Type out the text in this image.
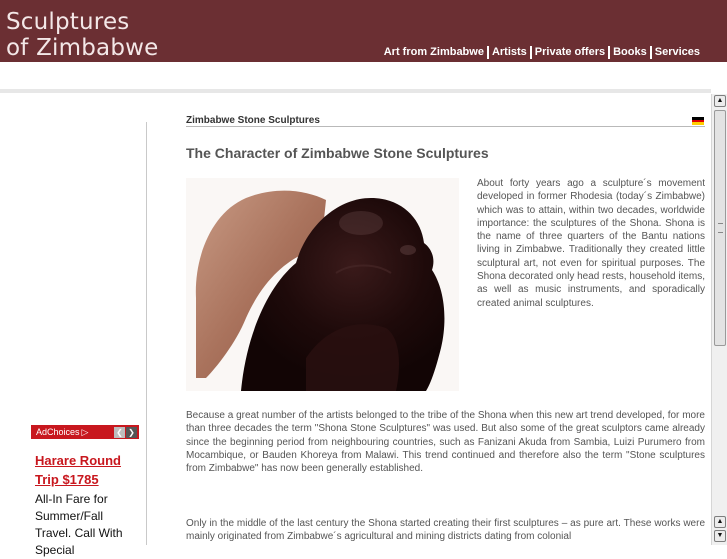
Sculptures
of Zimbabwe	Art from Zimbabwe Artists Private offers Books Services
Zimbabwe Stone Sculptures
The Character of Zimbabwe Stone Sculptures

About forty years ago a sculpture´s movement developed in former Rhodesia (today´s Zimbabwe) which was to attain, within two decades, worldwide importance: the sculptures of the Shona. Shona is the name of three quarters of the Bantu nations living in Zimbabwe. Traditionally they created little sculptural art, not even for spiritual purposes. The Shona decorated only head rests, household items, as well as music instruments, and sporadically created animal sculptures.

Because a great number of the artists belonged to the tribe of the Shona when this new art trend developed, for more than three decades the term "Shona Stone Sculptures" was used. But also some of the great sculptors came already since the beginning period from neighbouring countries, such as Fanizani Akuda from Sambia, Luizi Purumero from Mocambique, or Bauden Khoreya from Malawi. This trend continued and therefore also the term "Stone sculptures from Zimbabwe" has now been generally established.

Only in the middle of the last century the Shona started creating their first sculptures – as pure art. These works were mainly originated from Zimbabwe´s agricultural and mining districts dating from colonial

AdChoices ▷	❮ ❯
Harare Round
Trip $1785
All-In Fare for Summer/Fall Travel. Call With Special
▲
▲
▼
